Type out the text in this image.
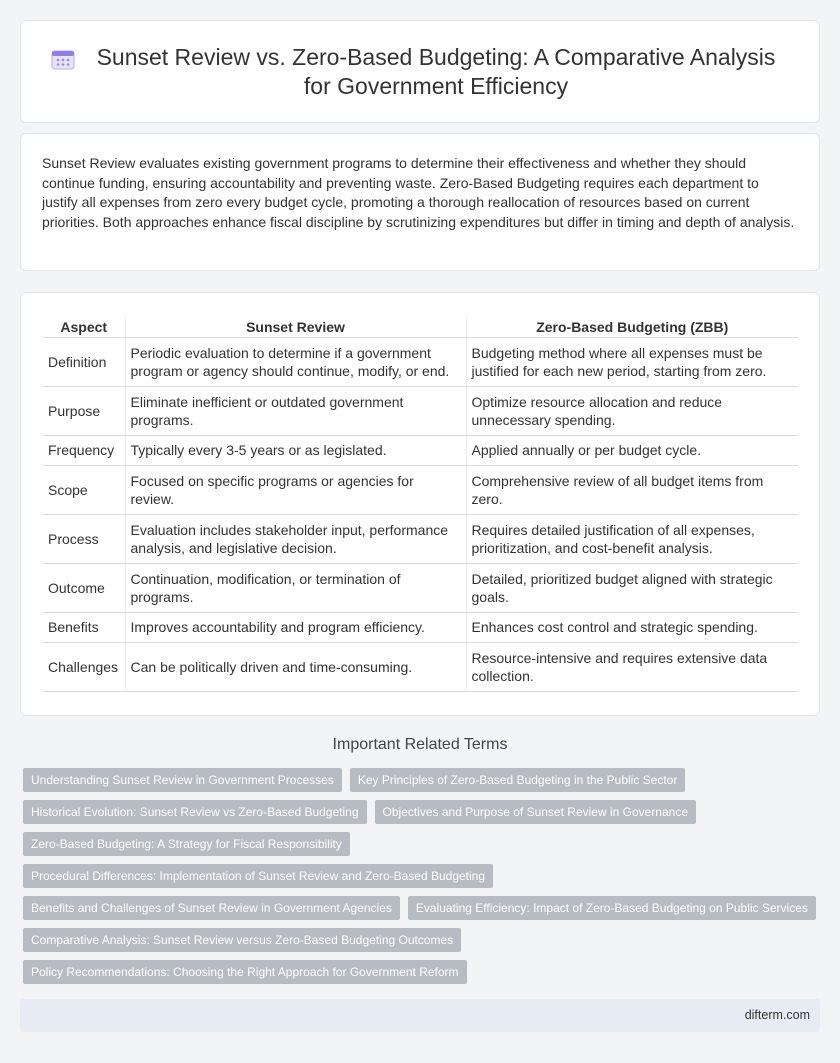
Sunset Review vs. Zero-Based Budgeting: A Comparative Analysis for Government Efficiency

Sunset Review evaluates existing government programs to determine their effectiveness and whether they should continue funding, ensuring accountability and preventing waste. Zero-Based Budgeting requires each department to justify all expenses from zero every budget cycle, promoting a thorough reallocation of resources based on current priorities. Both approaches enhance fiscal discipline by scrutinizing expenditures but differ in timing and depth of analysis.

Aspect	Sunset Review	Zero-Based Budgeting (ZBB)
Definition	Periodic evaluation to determine if a government program or agency should continue, modify, or end.	Budgeting method where all expenses must be justified for each new period, starting from zero.
Purpose	Eliminate inefficient or outdated government programs.	Optimize resource allocation and reduce unnecessary spending.
Frequency	Typically every 3-5 years or as legislated.	Applied annually or per budget cycle.
Scope	Focused on specific programs or agencies for review.	Comprehensive review of all budget items from zero.
Process	Evaluation includes stakeholder input, performance analysis, and legislative decision.	Requires detailed justification of all expenses, prioritization, and cost-benefit analysis.
Outcome	Continuation, modification, or termination of programs.	Detailed, prioritized budget aligned with strategic goals.
Benefits	Improves accountability and program efficiency.	Enhances cost control and strategic spending.
Challenges	Can be politically driven and time-consuming.	Resource-intensive and requires extensive data collection.
Important Related Terms
Understanding Sunset Review in Government Processes	Key Principles of Zero-Based Budgeting in the Public Sector
Historical Evolution: Sunset Review vs Zero-Based Budgeting	Objectives and Purpose of Sunset Review in Governance
Zero-Based Budgeting: A Strategy for Fiscal Responsibility
Procedural Differences: Implementation of Sunset Review and Zero-Based Budgeting
Benefits and Challenges of Sunset Review in Government Agencies	Evaluating Efficiency: Impact of Zero-Based Budgeting on Public Services
Comparative Analysis: Sunset Review versus Zero-Based Budgeting Outcomes
Policy Recommendations: Choosing the Right Approach for Government Reform
difterm.com
